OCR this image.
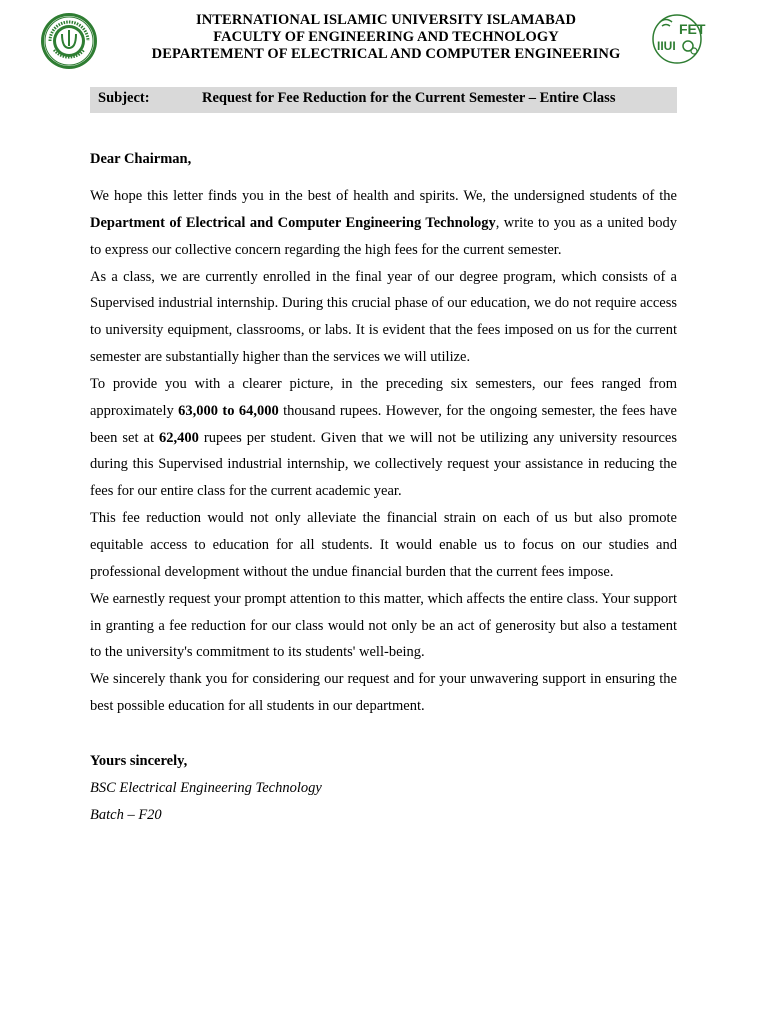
INTERNATIONAL ISLAMIC UNIVERSITY ISLAMABAD
FACULTY OF ENGINEERING AND TECHNOLOGY
DEPARTEMENT OF ELECTRICAL AND COMPUTER ENGINEERING
FET
IIUI
Subject:	Request for Fee Reduction for the Current Semester – Entire Class
Dear Chairman,

We hope this letter finds you in the best of health and spirits. We, the undersigned students of the Department of Electrical and Computer Engineering Technology, write to you as a united body to express our collective concern regarding the high fees for the current semester.

As a class, we are currently enrolled in the final year of our degree program, which consists of a Supervised industrial internship. During this crucial phase of our education, we do not require access to university equipment, classrooms, or labs. It is evident that the fees imposed on us for the current semester are substantially higher than the services we will utilize.

To provide you with a clearer picture, in the preceding six semesters, our fees ranged from approximately 63,000 to 64,000 thousand rupees. However, for the ongoing semester, the fees have been set at 62,400 rupees per student. Given that we will not be utilizing any university resources during this Supervised industrial internship, we collectively request your assistance in reducing the fees for our entire class for the current academic year.

This fee reduction would not only alleviate the financial strain on each of us but also promote equitable access to education for all students. It would enable us to focus on our studies and professional development without the undue financial burden that the current fees impose.

We earnestly request your prompt attention to this matter, which affects the entire class. Your support in granting a fee reduction for our class would not only be an act of generosity but also a testament to the university's commitment to its students' well-being.

We sincerely thank you for considering our request and for your unwavering support in ensuring the best possible education for all students in our department.

Yours sincerely,
BSC Electrical Engineering Technology
Batch – F20
